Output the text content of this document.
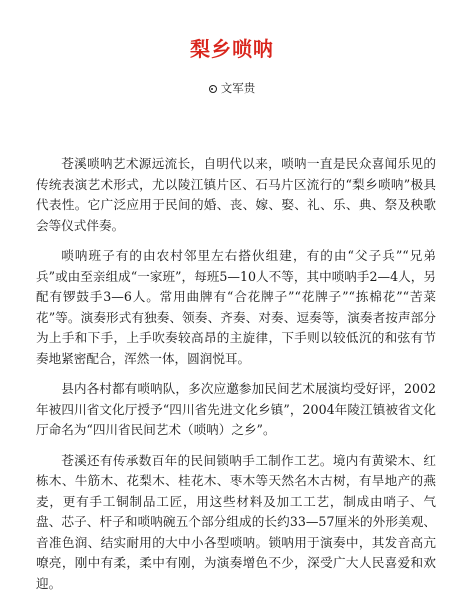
梨乡唢呐
文军贵

苍溪唢呐艺术源远流长，自明代以来，唢呐一直是民众喜闻乐见的传统表演艺术形式，尤以陵江镇片区、石马片区流行的“梨乡唢呐”极具代表性。它广泛应用于民间的婚、丧、嫁、娶、礼、乐、典、祭及秧歌会等仪式伴奏。

唢呐班子有的由农村邻里左右搭伙组建，有的由“父子兵”“兄弟兵”或由至亲组成“一家班”，每班5—10人不等，其中唢呐手2—4人，另配有锣鼓手3—6人。常用曲牌有“合花牌子”“花牌子”“拣棉花”“苦菜花”等。演奏形式有独奏、领奏、齐奏、对奏、逗奏等，演奏者按声部分为上手和下手，上手吹奏较高昂的主旋律，下手则以较低沉的和弦有节奏地紧密配合，浑然一体，圆润悦耳。

县内各村都有唢呐队，多次应邀参加民间艺术展演均受好评，2002年被四川省文化厅授予“四川省先进文化乡镇”，2004年陵江镇被省文化厅命名为“四川省民间艺术（唢呐）之乡”。

苍溪还有传承数百年的民间锁呐手工制作工艺。境内有黄梁木、红栋木、牛筋木、花梨木、桂花木、枣木等天然名木古树，有旱地产的燕麦，更有手工铜制品工匠，用这些材料及加工工艺，制成由哨子、气盘、芯子、杆子和唢呐碗五个部分组成的长约33—57厘米的外形美观、音准色润、结实耐用的大中小各型唢呐。锁呐用于演奏中，其发音高亢嘹亮，刚中有柔，柔中有刚，为演奏增色不少，深受广大人民喜爱和欢迎。
